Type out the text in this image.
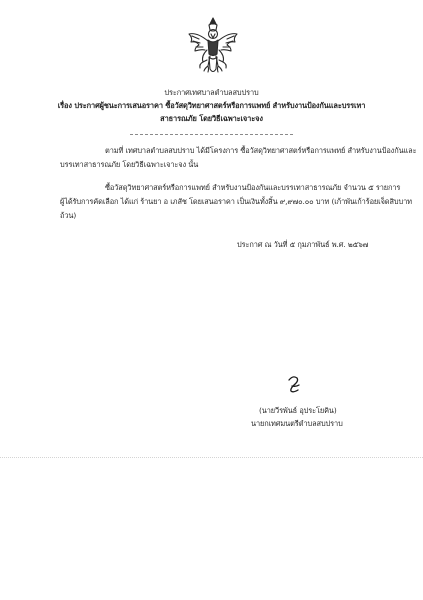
ประกาศเทศบาลตำบลสบปราบ
เรื่อง ประกาศผู้ชนะการเสนอราคา ซื้อวัสดุวิทยาศาสตร์หรือการแพทย์ สำหรับงานป้องกันและบรรเทา
สาธารณภัย โดยวิธีเฉพาะเจาะจง
ตามที่ เทศบาลตำบลสบปราบ ได้มีโครงการ ซื้อวัสดุวิทยาศาสตร์หรือการแพทย์ สำหรับงานป้องกันและ
บรรเทาสาธารณภัย โดยวิธีเฉพาะเจาะจง นั้น
ซื้อวัสดุวิทยาศาสตร์หรือการแพทย์ สำหรับงานป้องกันและบรรเทาสาธารณภัย จำนวน ๕ รายการ
ผู้ได้รับการคัดเลือก ได้แก่ ร้านยา อ เภสัช โดยเสนอราคา เป็นเงินทั้งสิ้น ๙,๙๗๐.๐๐ บาท (เก้าพันเก้าร้อยเจ็ดสิบบาท
ถ้วน)
ประกาศ ณ วันที่ ๕ กุมภาพันธ์ พ.ศ. ๒๕๖๗
(นายวีรพันธ์ อุประโยคิน)
นายกเทศมนตรีตำบลสบปราบ
